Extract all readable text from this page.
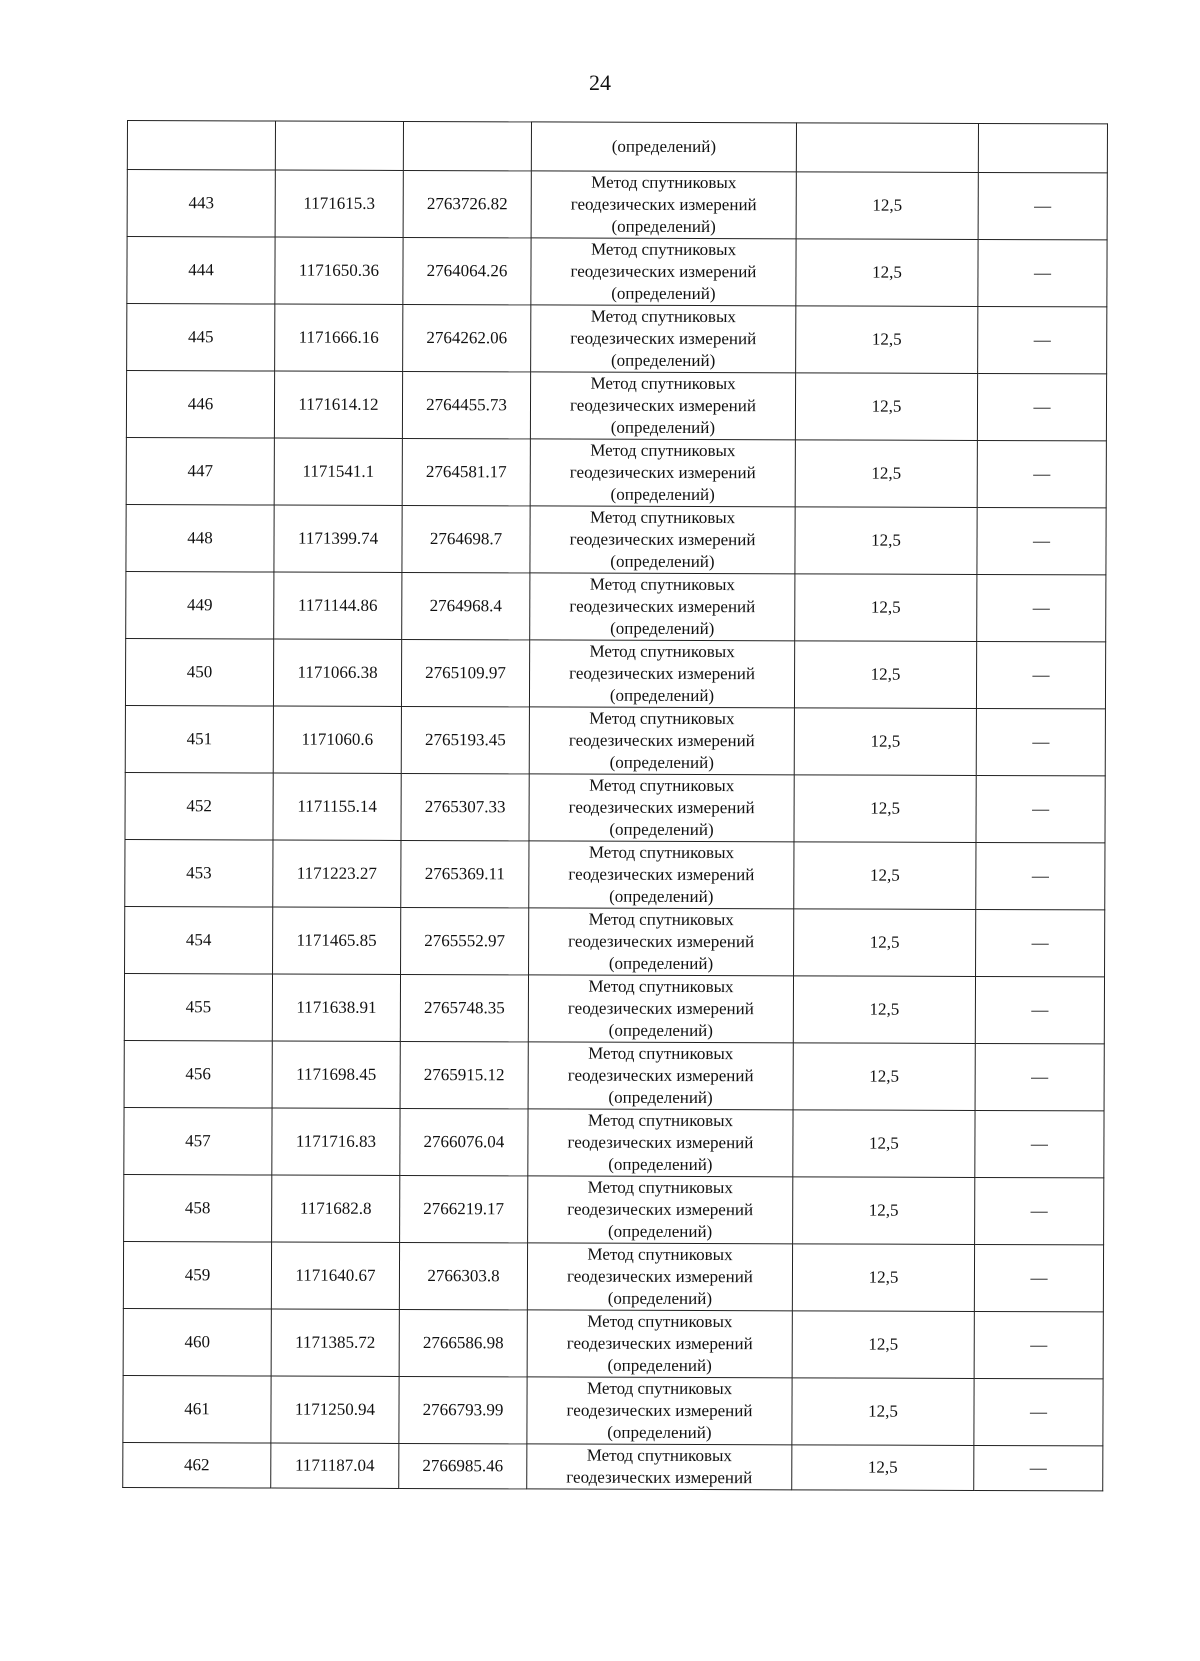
24
			(определений)		
443	1171615.3	2763726.82	Метод спутниковых
геодезических измерений
(определений)	12,5	—
444	1171650.36	2764064.26	Метод спутниковых
геодезических измерений
(определений)	12,5	—
445	1171666.16	2764262.06	Метод спутниковых
геодезических измерений
(определений)	12,5	—
446	1171614.12	2764455.73	Метод спутниковых
геодезических измерений
(определений)	12,5	—
447	1171541.1	2764581.17	Метод спутниковых
геодезических измерений
(определений)	12,5	—
448	1171399.74	2764698.7	Метод спутниковых
геодезических измерений
(определений)	12,5	—
449	1171144.86	2764968.4	Метод спутниковых
геодезических измерений
(определений)	12,5	—
450	1171066.38	2765109.97	Метод спутниковых
геодезических измерений
(определений)	12,5	—
451	1171060.6	2765193.45	Метод спутниковых
геодезических измерений
(определений)	12,5	—
452	1171155.14	2765307.33	Метод спутниковых
геодезических измерений
(определений)	12,5	—
453	1171223.27	2765369.11	Метод спутниковых
геодезических измерений
(определений)	12,5	—
454	1171465.85	2765552.97	Метод спутниковых
геодезических измерений
(определений)	12,5	—
455	1171638.91	2765748.35	Метод спутниковых
геодезических измерений
(определений)	12,5	—
456	1171698.45	2765915.12	Метод спутниковых
геодезических измерений
(определений)	12,5	—
457	1171716.83	2766076.04	Метод спутниковых
геодезических измерений
(определений)	12,5	—
458	1171682.8	2766219.17	Метод спутниковых
геодезических измерений
(определений)	12,5	—
459	1171640.67	2766303.8	Метод спутниковых
геодезических измерений
(определений)	12,5	—
460	1171385.72	2766586.98	Метод спутниковых
геодезических измерений
(определений)	12,5	—
461	1171250.94	2766793.99	Метод спутниковых
геодезических измерений
(определений)	12,5	—
462	1171187.04	2766985.46	Метод спутниковых
геодезических измерений	12,5	—
